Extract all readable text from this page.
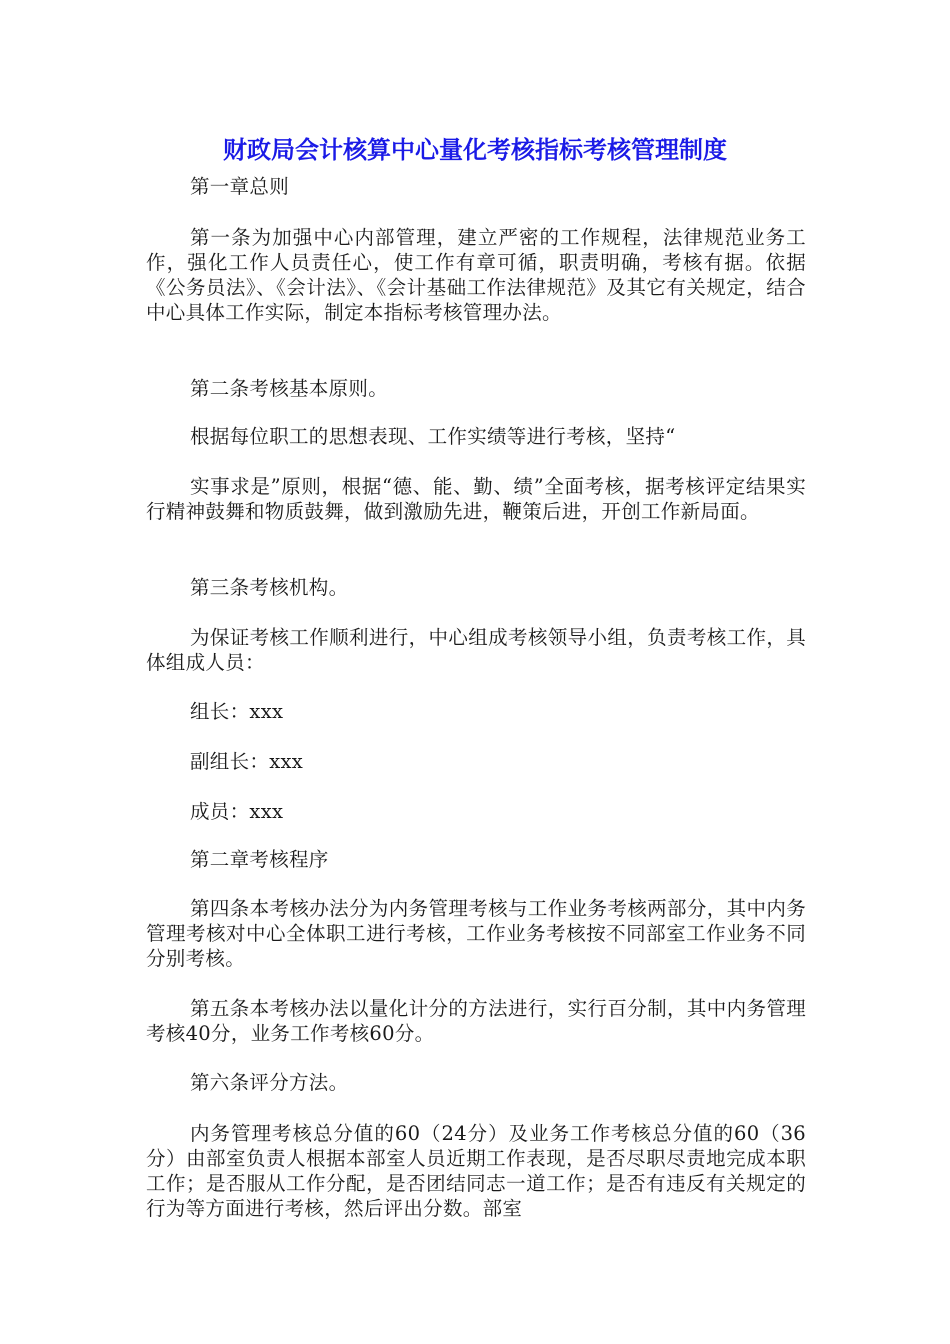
财政局会计核算中心量化考核指标考核管理制度

第一章总则

第一条为加强中心内部管理，建立严密的工作规程，法律规范业务工作，强化工作人员责任心，使工作有章可循，职责明确，考核有据。依据《公务员法》、《会计法》、《会计基础工作法律规范》及其它有关规定，结合中心具体工作实际，制定本指标考核管理办法。

第二条考核基本原则。

根据每位职工的思想表现、工作实绩等进行考核，坚持“

实事求是”原则，根据“德、能、勤、绩”全面考核，据考核评定结果实行精神鼓舞和物质鼓舞，做到激励先进，鞭策后进，开创工作新局面。

第三条考核机构。

为保证考核工作顺利进行，中心组成考核领导小组，负责考核工作，具体组成人员：

组长：xxx

副组长：xxx

成员：xxx

第二章考核程序

第四条本考核办法分为内务管理考核与工作业务考核两部分，其中内务管理考核对中心全体职工进行考核，工作业务考核按不同部室工作业务不同分别考核。

第五条本考核办法以量化计分的方法进行，实行百分制，其中内务管理考核40分，业务工作考核60分。

第六条评分方法。

内务管理考核总分值的60（24分）及业务工作考核总分值的60（36分）由部室负责人根据本部室人员近期工作表现，是否尽职尽责地完成本职工作；是否服从工作分配，是否团结同志一道工作；是否有违反有关规定的行为等方面进行考核，然后评出分数。部室
